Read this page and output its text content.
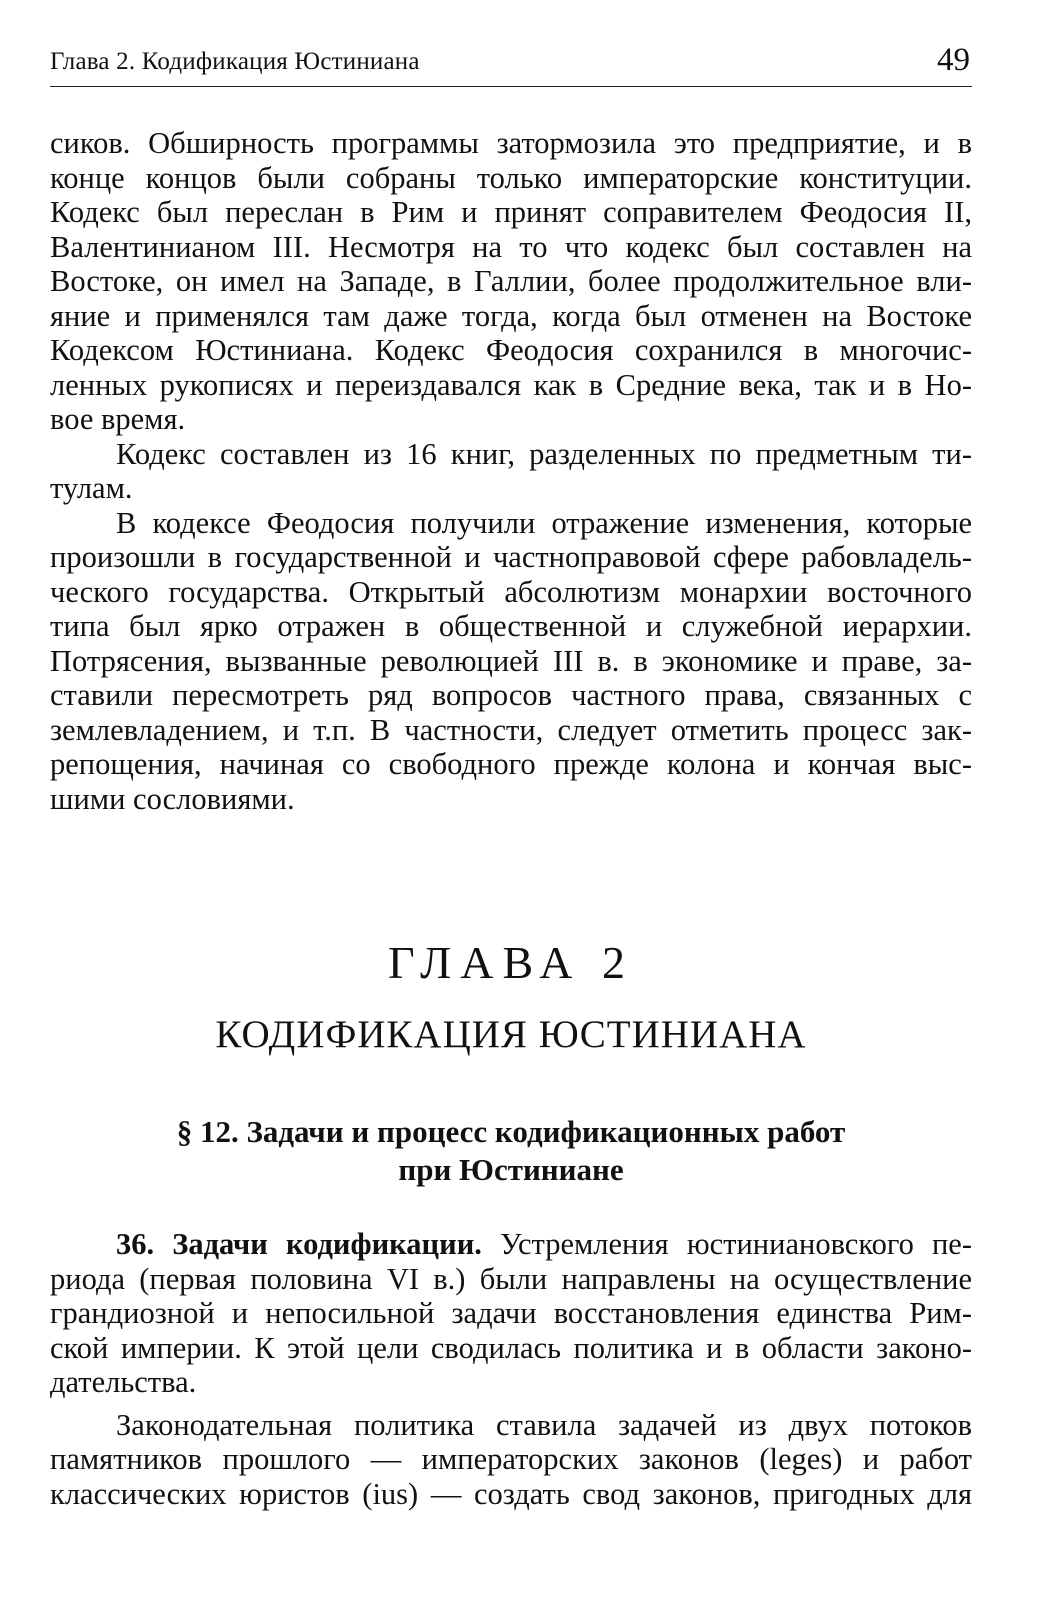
Глава 2. Кодификация Юстиниана	49

сиков. Обширность программы затормозила это предприятие, и в
конце концов были собраны только императорские конституции.
Кодекс был переслан в Рим и принят соправителем Феодосия II,
Валентинианом III. Несмотря на то что кодекс был составлен на
Востоке, он имел на Западе, в Галлии, более продолжительное вли-
яние и применялся там даже тогда, когда был отменен на Востоке
Кодексом Юстиниана. Кодекс Феодосия сохранился в многочис-
ленных рукописях и переиздавался как в Средние века, так и в Но-
вое время.

Кодекс составлен из 16 книг, разделенных по предметным ти-
тулам.

В кодексе Феодосия получили отражение изменения, которые
произошли в государственной и частноправовой сфере рабовладель-
ческого государства. Открытый абсолютизм монархии восточного
типа был ярко отражен в общественной и служебной иерархии.
Потрясения, вызванные революцией III в. в экономике и праве, за-
ставили пересмотреть ряд вопросов частного права, связанных с
землевладением, и т.п. В частности, следует отметить процесс зак-
репощения, начиная со свободного прежде колона и кончая выс-
шими сословиями.

ГЛАВА 2
КОДИФИКАЦИЯ ЮСТИНИАНА
§ 12. Задачи и процесс кодификационных работ
при Юстиниане

36. Задачи кодификации. Устремления юстиниановского пе-
риода (первая половина VI в.) были направлены на осуществление
грандиозной и непосильной задачи восстановления единства Рим-
ской империи. К этой цели сводилась политика и в области законо-
дательства.

Законодательная политика ставила задачей из двух потоков
памятников прошлого — императорских законов (leges) и работ
классических юристов (ius) — создать свод законов, пригодных для
